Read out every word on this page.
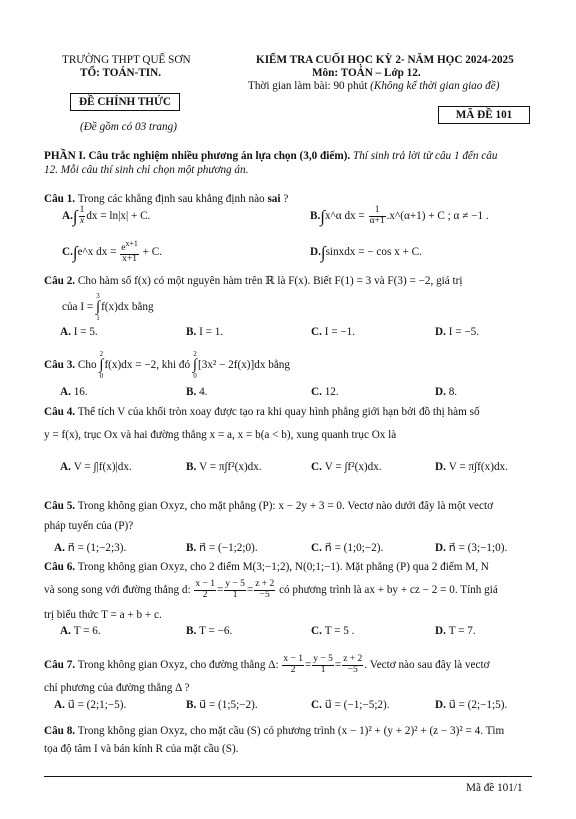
TRƯỜNG THPT QUẾ SƠN
TỔ: TOÁN-TIN.
ĐỀ CHÍNH THỨC
(Đề gồm có 03 trang)
KIỂM TRA CUỐI HỌC KỲ 2- NĂM HỌC 2024-2025
Môn: TOÁN – Lớp 12.
Thời gian làm bài: 90 phút (Không kể thời gian giao đề)
MÃ ĐỀ 101
PHẦN I. Câu trắc nghiệm nhiều phương án lựa chọn (3,0 điểm). Thí sinh trả lời từ câu 1 đến câu
12. Mỗi câu thí sinh chỉ chọn một phương án.
Câu 1. Trong các khẳng định sau khẳng định nào sai ?
$A.\int \frac{1}{x}$ dx = ln|x| + C.	B.∫x^α dx = $\frac{1}{\alpha+1}$ .x^(α+1) + C ; α ≠ −1 .
C.∫e^x dx = $\frac{e^{x+1}}{x+1} + C$.	D.∫sinxdx = − cos x + C.
Câu 2. Cho hàm số f(x) có một nguyên hàm trên ℝ là F(x). Biết F(1) = 3 và F(3) = −2, giá trị
của I =
3
∫
1
f(x)dx bằng
A. I = 5.	B. I = 1.	C. I = −1.	D. I = −5.
Câu 3. Cho
2
∫
0
f(x)dx = −2, khi đó
2
∫
0
[3x² − 2f(x)]dx bằng
A. 16.	B. 4.	C. 12.	D. 8.
Câu 4. Thể tích V của khối tròn xoay được tạo ra khi quay hình phẳng giới hạn bởi đồ thị hàm số
y = f(x), trục Ox và hai đường thẳng x = a, x = b(a < b), xung quanh trục Ox là
A. V = ∫|f(x)|dx.	B. V = π∫f²(x)dx.	C. V = ∫f²(x)dx.	D. V = π∫f(x)dx.
Câu 5. Trong không gian Oxyz, cho mặt phẳng (P): x − 2y + 3 = 0. Vectơ nào dưới đây là một vectơ
pháp tuyến của (P)?
A. n⃗ = (1;−2;3).	B. n⃗ = (−1;2;0).	C. n⃗ = (1;0;−2).	D. n⃗ = (3;−1;0).
Câu 6. Trong không gian Oxyz, cho 2 điểm M(3;−1;2), N(0;1;−1). Mặt phẳng (P) qua 2 điểm M, N
và song song với đường thẳng d: $\frac{x - 1}{2} = \frac{y - 5}{1} = \frac{z + 2}{-5}$ có phương trình là ax + by + cz − 2 = 0. Tính giá
trị biểu thức T = a + b + c.
A. T = 6.	B. T = −6.	C. T = 5 .	D. T = 7.
Câu 7. Trong không gian Oxyz, cho đường thẳng Δ: $\frac{x - 1}{2} = \frac{y - 5}{1} = \frac{z + 2}{-5}$ . Vectơ nào sau đây là vectơ
chỉ phương của đường thẳng Δ ?
A. u⃗ = (2;1;−5).	B. u⃗ = (1;5;−2).	C. u⃗ = (−1;−5;2).	D. u⃗ = (2;−1;5).
Câu 8. Trong không gian Oxyz, cho mặt cầu (S) có phương trình (x − 1)² + (y + 2)² + (z − 3)² = 4. Tìm
tọa độ tâm I và bán kính R của mặt cầu (S).
Mã đề 101/1
